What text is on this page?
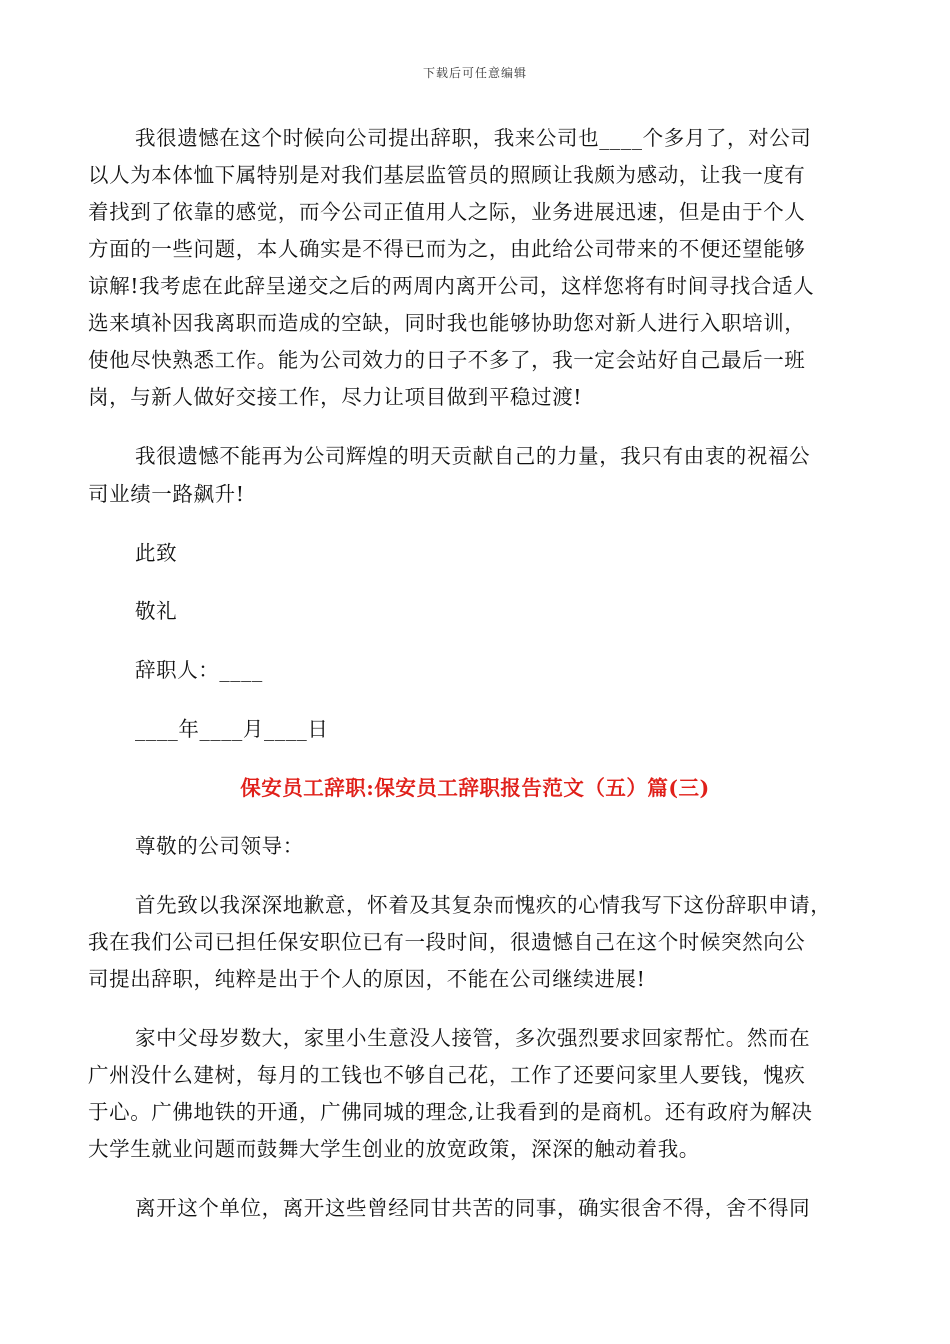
下载后可任意编辑
我很遗憾在这个时候向公司提出辞职，我来公司也____个多月了，对公司
以人为本体恤下属特别是对我们基层监管员的照顾让我颇为感动，让我一度有
着找到了依靠的感觉，而今公司正值用人之际，业务进展迅速，但是由于个人
方面的一些问题，本人确实是不得已而为之，由此给公司带来的不便还望能够
谅解!我考虑在此辞呈递交之后的两周内离开公司，这样您将有时间寻找合适人
选来填补因我离职而造成的空缺，同时我也能够协助您对新人进行入职培训，
使他尽快熟悉工作。能为公司效力的日子不多了，我一定会站好自己最后一班
岗，与新人做好交接工作，尽力让项目做到平稳过渡!
我很遗憾不能再为公司辉煌的明天贡献自己的力量，我只有由衷的祝福公
司业绩一路飙升!
此致
敬礼
辞职人：____
____年____月____日
保安员工辞职:保安员工辞职报告范文（五）篇(三)
尊敬的公司领导：
首先致以我深深地歉意，怀着及其复杂而愧疚的心情我写下这份辞职申请，
我在我们公司已担任保安职位已有一段时间，很遗憾自己在这个时候突然向公
司提出辞职，纯粹是出于个人的原因，不能在公司继续进展!
家中父母岁数大，家里小生意没人接管，多次强烈要求回家帮忙。然而在
广州没什么建树，每月的工钱也不够自己花，工作了还要问家里人要钱，愧疚
于心。广佛地铁的开通，广佛同城的理念,让我看到的是商机。还有政府为解决
大学生就业问题而鼓舞大学生创业的放宽政策，深深的触动着我。
离开这个单位，离开这些曾经同甘共苦的同事，确实很舍不得，舍不得同
